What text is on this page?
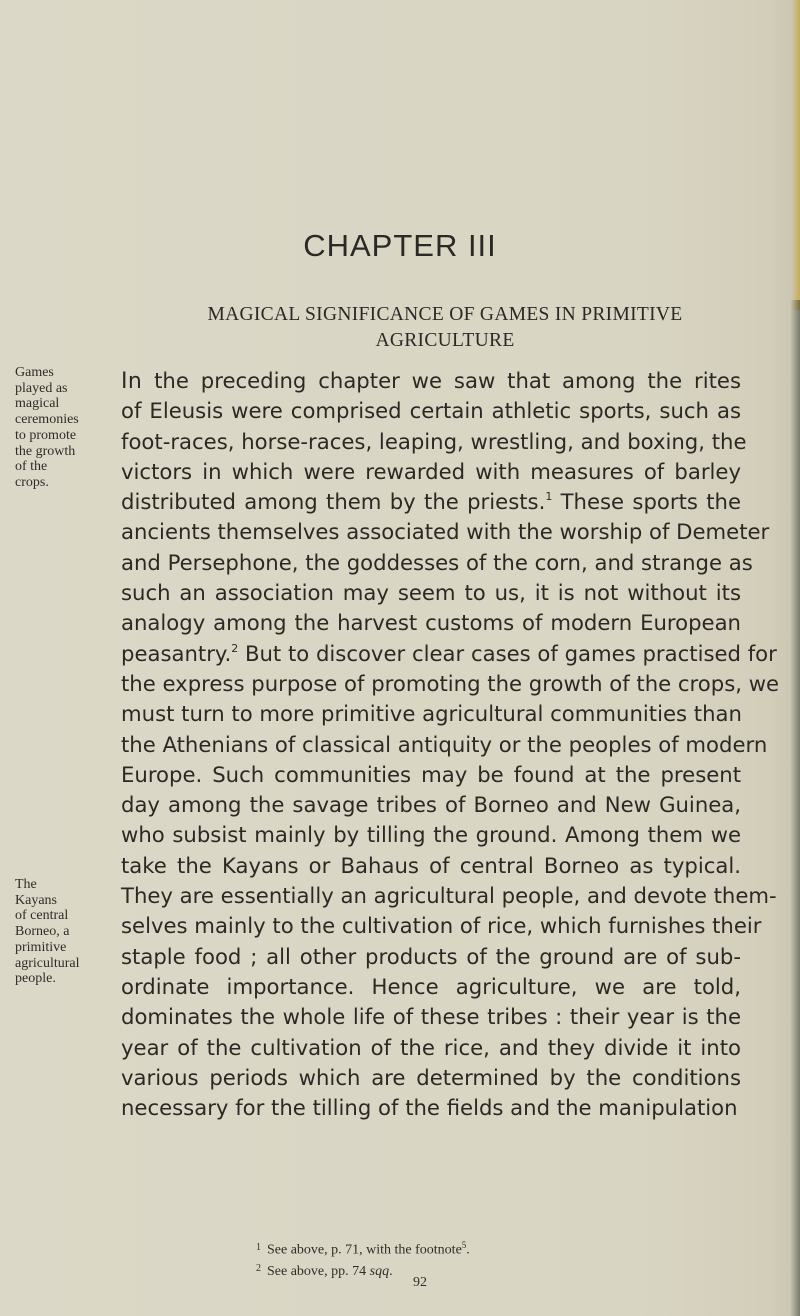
CHAPTER III
MAGICAL SIGNIFICANCE OF GAMES IN PRIMITIVE AGRICULTURE
Games
played as
magical
ceremonies
to promote
the growth
of the
crops.
The
Kayans
of central
Borneo, a
primitive
agricultural
people.
In the preceding chapter we saw that among the rites
of Eleusis were comprised certain athletic sports, such as
foot-races, horse-races, leaping, wrestling, and boxing, the
victors in which were rewarded with measures of barley
distributed among them by the priests.$^1$ These sports the
ancients themselves associated with the worship of Demeter
and Persephone, the goddesses of the corn, and strange as
such an association may seem to us, it is not without its
analogy among the harvest customs of modern European
peasantry.$^2$ But to discover clear cases of games practised for
the express purpose of promoting the growth of the crops, we
must turn to more primitive agricultural communities than
the Athenians of classical antiquity or the peoples of modern
Europe. Such communities may be found at the present
day among the savage tribes of Borneo and New Guinea,
who subsist mainly by tilling the ground. Among them we
take the Kayans or Bahaus of central Borneo as typical.
They are essentially an agricultural people, and devote them-
selves mainly to the cultivation of rice, which furnishes their
staple food ; all other products of the ground are of sub-
ordinate importance. Hence agriculture, we are told,
dominates the whole life of these tribes : their year is the
year of the cultivation of the rice, and they divide it into
various periods which are determined by the conditions
necessary for the tilling of the fields and the manipulation
$^1$ See above, p. 71, with the footnote$^5$.
$^2$ See above, pp. 74 sqq.
92
